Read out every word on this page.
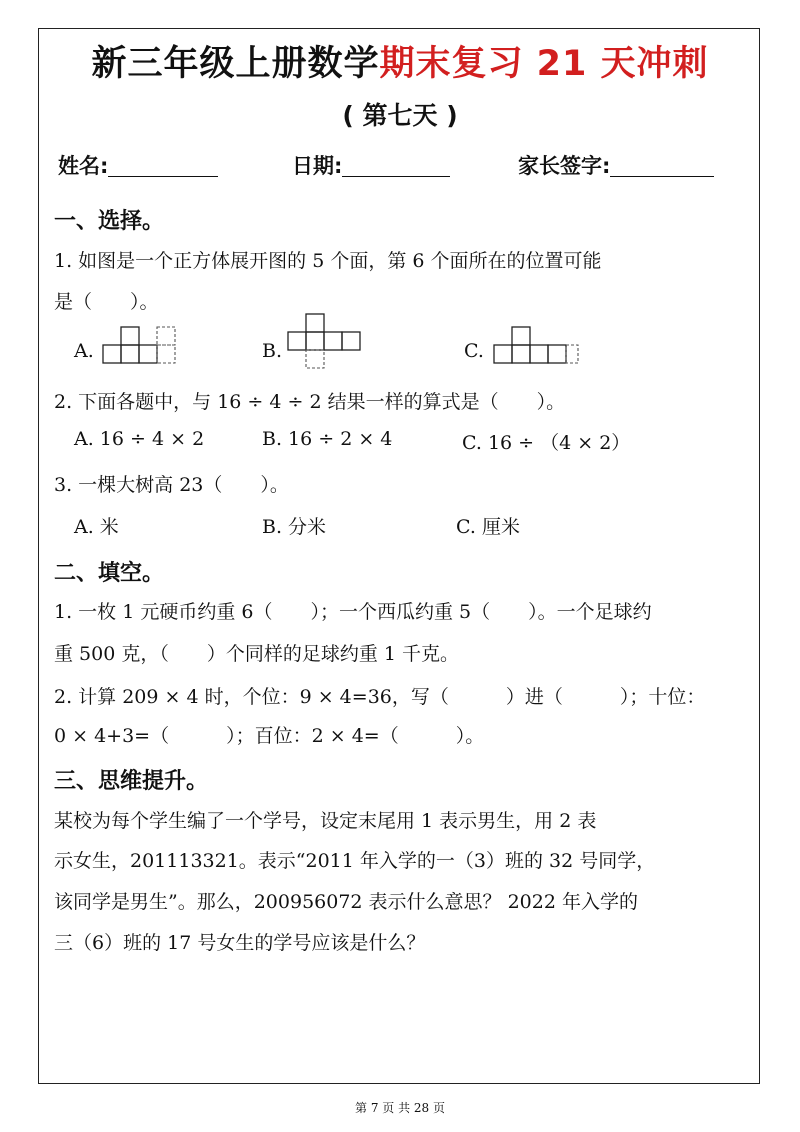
新三年级上册数学期末复习 21 天冲刺
( 第七天 )
姓名:	日期:	家长签字:
一、选择。
1. 如图是一个正方体展开图的 5 个面，第 6 个面所在的位置可能
是（　　）。
A.	B.	C.
2. 下面各题中，与 16 ÷ 4 ÷ 2 结果一样的算式是（　　）。
A. 16 ÷ 4 × 2	B. 16 ÷ 2 × 4	C. 16 ÷ （4 × 2）
3. 一棵大树高 23（　　）。
A. 米	B. 分米	C. 厘米
二、填空。
1. 一枚 1 元硬币约重 6（　　）；一个西瓜约重 5（　　）。一个足球约
重 500 克，（　　）个同样的足球约重 1 千克。
2. 计算 209 × 4 时，个位：9 × 4=36，写（　　　）进（　　　）；十位：
0 × 4+3=（　　　）；百位：2 × 4=（　　　）。
三、思维提升。
某校为每个学生编了一个学号，设定末尾用 1 表示男生，用 2 表
示女生，201113321。表示“2011 年入学的一（3）班的 32 号同学，
该同学是男生”。那么，200956072 表示什么意思？ 2022 年入学的
三（6）班的 17 号女生的学号应该是什么？
第 7 页 共 28 页
